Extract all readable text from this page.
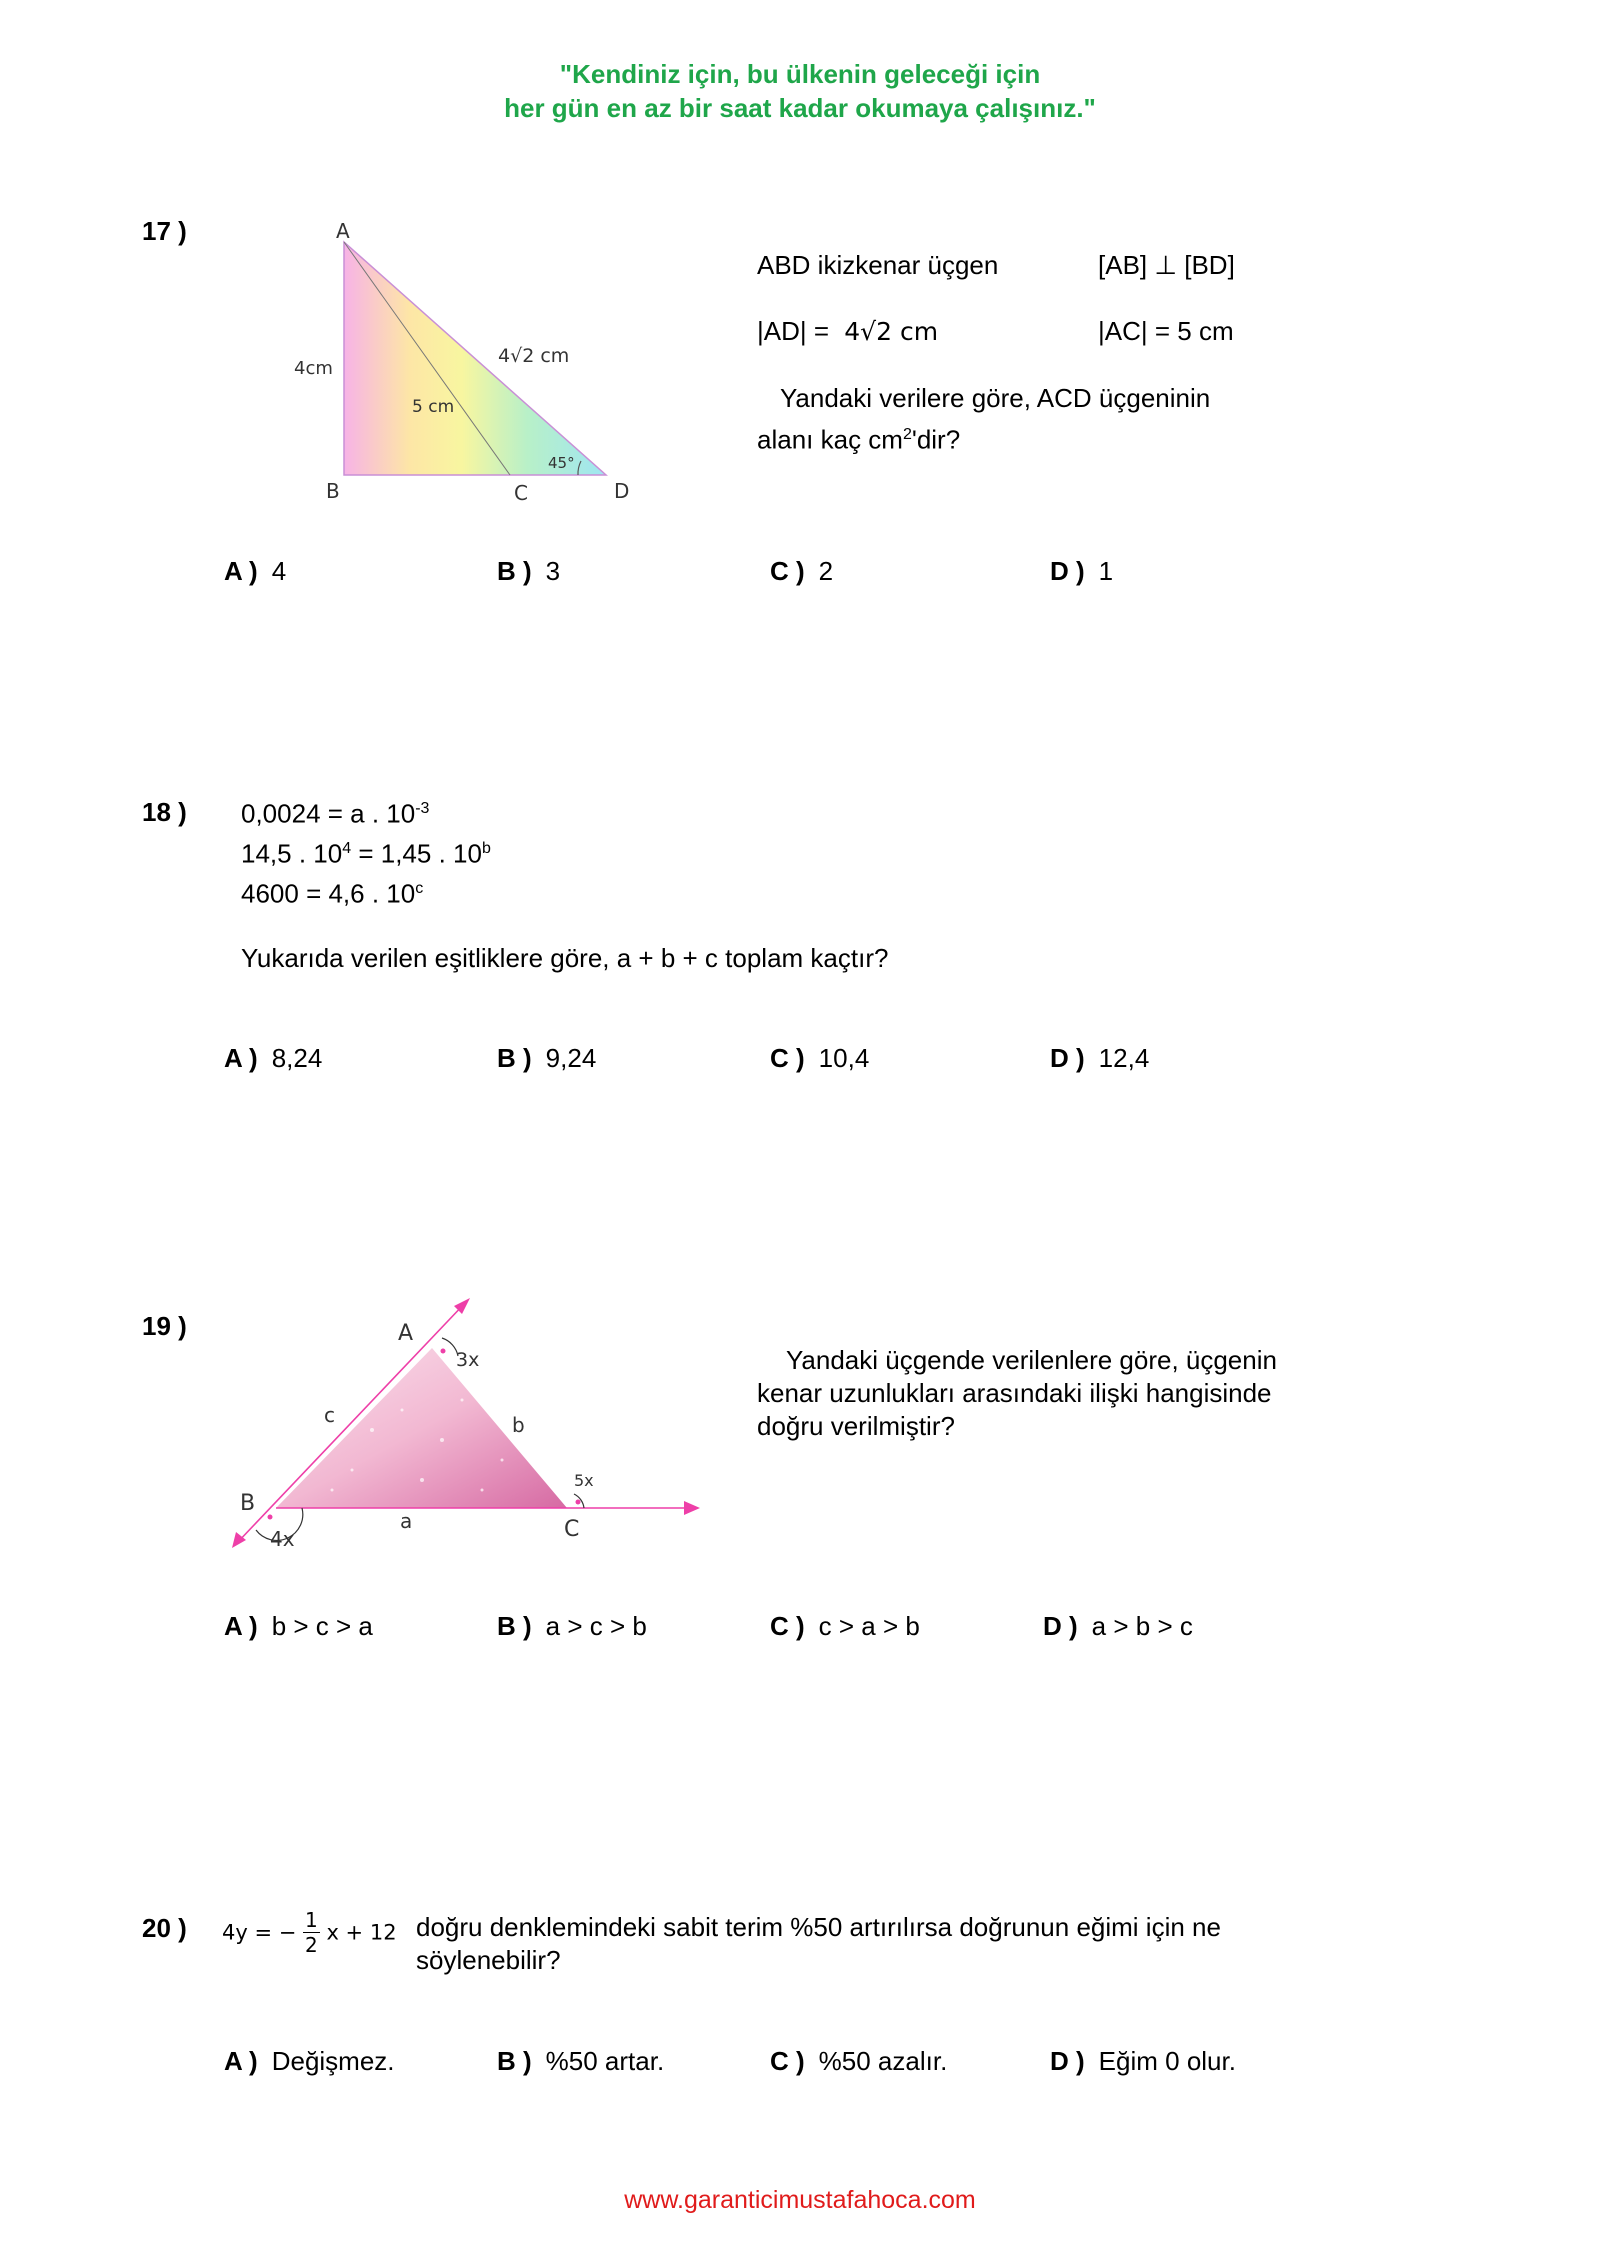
"Kendiniz için, bu ülkenin geleceği için
her gün en az bir saat kadar okumaya çalışınız."
17 )	A
B	C	D
4cm
5 cm
4√2 cm
45°
ABD ikizkenar üçgen	[AB] ⊥ [BD]
|AD| = 4√2 cm	|AC| = 5 cm
Yandaki verilere göre, ACD üçgeninin
alanı kaç $cm^2'dir$?
A ) 4	B ) 3	C ) 2	D ) 1
18 ) 0,0024 = a . $10^{-3}$
14,5 . $10^4 = 1,45$ . 10$^b$
4600 = 4,6 . 10$^c$
Yukarıda verilen eşitliklere göre, a + b + c toplam kaçtır?
A ) 8,24	B ) 9,24	C ) 10,4	D ) 12,4
19 )	A
B
C
a
b
c
3x
4x
5x
Yandaki üçgende verilenlere göre, üçgenin
kenar uzunlukları arasındaki ilişki hangisinde
doğru verilmiştir?
A ) b > c > a	B ) a > c > b	C ) c > a > b	D ) a > b > c
20 ) 4y = − $\frac{1}{2}$ x + 12 doğru denklemindeki sabit terim %50 artırılırsa doğrunun eğimi için ne
söylenebilir?
A ) Değişmez.	B ) %50 artar.	C ) %50 azalır.	D ) Eğim 0 olur.
www.garanticimustafahoca.com
